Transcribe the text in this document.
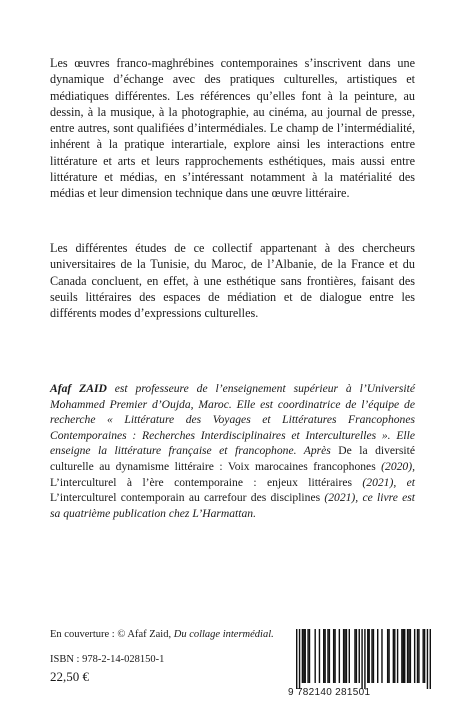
Les œuvres franco-maghrébines contemporaines s’inscrivent dans une dynamique d’échange avec des pratiques culturelles, artistiques et médiatiques différentes. Les références qu’elles font à la peinture, au dessin, à la musique, à la photographie, au cinéma, au journal de presse, entre autres, sont qualifiées d’intermédiales. Le champ de l’intermédialité, inhérent à la pratique interartiale, explore ainsi les interactions entre littérature et arts et leurs rapprochements esthétiques, mais aussi entre littérature et médias, en s’intéressant notamment à la matérialité des médias et leur dimension technique dans une œuvre littéraire.

Les différentes études de ce collectif appartenant à des chercheurs universitaires de la Tunisie, du Maroc, de l’Albanie, de la France et du Canada concluent, en effet, à une esthétique sans frontières, faisant des seuils littéraires des espaces de médiation et de dialogue entre les différents modes d’expressions culturelles.

Afaf ZAID est professeure de l’enseignement supérieur à l’Université Mohammed Premier d’Oujda, Maroc. Elle est coordinatrice de l’équipe de recherche « Littérature des Voyages et Littératures Francophones Contemporaines : Recherches Interdisciplinaires et Interculturelles ». Elle enseigne la littérature française et francophone. Après De la diversité culturelle au dynamisme littéraire : Voix marocaines francophones (2020), L’interculturel à l’ère contemporaine : enjeux littéraires (2021), et L’interculturel contemporain au carrefour des disciplines (2021), ce livre est sa quatrième publication chez L’Harmattan.

En couverture : © Afaf Zaid, Du collage intermédial.

ISBN : 978-2-14-028150-1
22,50 €
9 782140 281501
